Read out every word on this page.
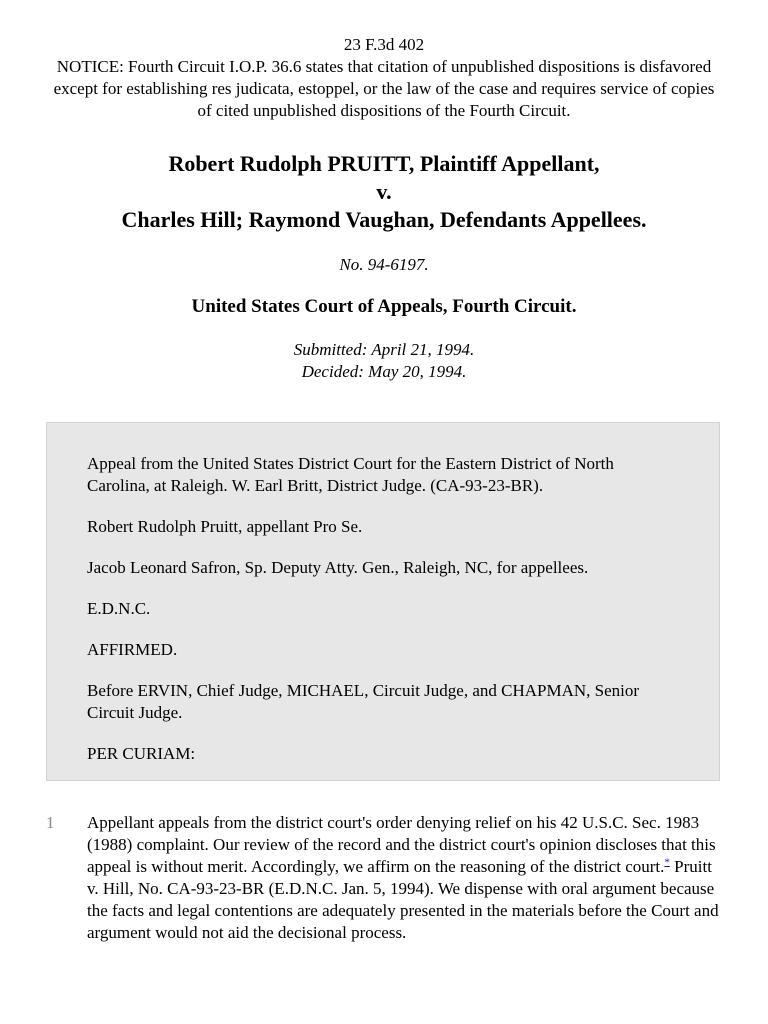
23 F.3d 402
NOTICE: Fourth Circuit I.O.P. 36.6 states that citation of unpublished dispositions is disfavored except for establishing res judicata, estoppel, or the law of the case and requires service of copies of cited unpublished dispositions of the Fourth Circuit.
Robert Rudolph PRUITT, Plaintiff Appellant,
v.
Charles Hill; Raymond Vaughan, Defendants Appellees.
No. 94-6197.
United States Court of Appeals, Fourth Circuit.
Submitted: April 21, 1994.
Decided: May 20, 1994.

Appeal from the United States District Court for the Eastern District of North Carolina, at Raleigh. W. Earl Britt, District Judge. (CA-93-23-BR).

Robert Rudolph Pruitt, appellant Pro Se.

Jacob Leonard Safron, Sp. Deputy Atty. Gen., Raleigh, NC, for appellees.

E.D.N.C.

AFFIRMED.

Before ERVIN, Chief Judge, MICHAEL, Circuit Judge, and CHAPMAN, Senior Circuit Judge.

PER CURIAM:

1 Appellant appeals from the district court's order denying relief on his 42 U.S.C. Sec. 1983 (1988) complaint. Our review of the record and the district court's opinion discloses that this appeal is without merit. Accordingly, we affirm on the reasoning of the district court.* Pruitt v. Hill, No. CA-93-23-BR (E.D.N.C. Jan. 5, 1994). We dispense with oral argument because the facts and legal contentions are adequately presented in the materials before the Court and argument would not aid the decisional process.
